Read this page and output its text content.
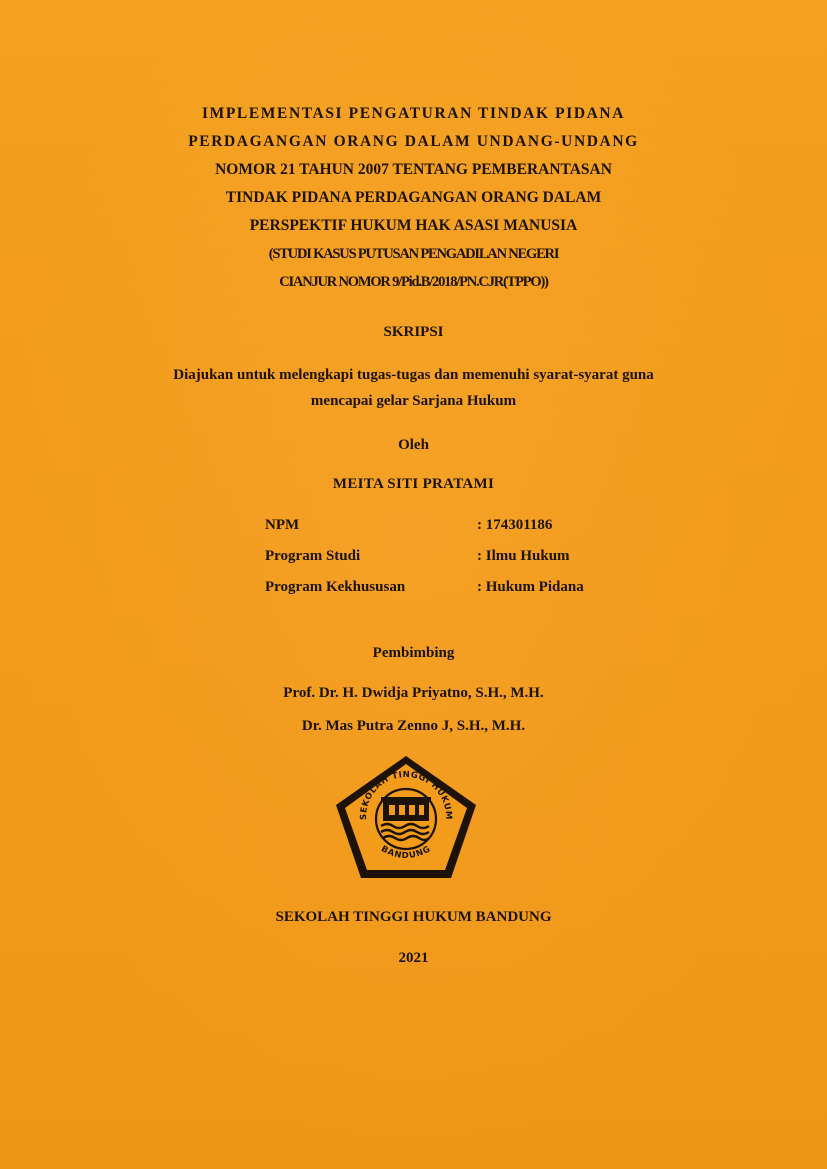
IMPLEMENTASI PENGATURAN TINDAK PIDANA

PERDAGANGAN ORANG DALAM UNDANG-UNDANG

NOMOR 21 TAHUN 2007 TENTANG PEMBERANTASAN

TINDAK PIDANA PERDAGANGAN ORANG DALAM

PERSPEKTIF HUKUM HAK ASASI MANUSIA

(STUDI KASUS PUTUSAN PENGADILAN NEGERI

CIANJUR NOMOR 9/Pid.B/2018/PN.CJR(TPPO))

SKRIPSI
Diajukan untuk melengkapi tugas-tugas dan memenuhi syarat-syarat guna
mencapai gelar Sarjana Hukum
Oleh
MEITA SITI PRATAMI
NPM	: 174301186
Program Studi	: Ilmu Hukum
Program Kekhususan	: Hukum Pidana
Pembimbing
Prof. Dr. H. Dwidja Priyatno, S.H., M.H.
Dr. Mas Putra Zenno J, S.H., M.H.
SEKOLAH TINGGI HUKUM
BANDUNG
SEKOLAH TINGGI HUKUM BANDUNG
2021
